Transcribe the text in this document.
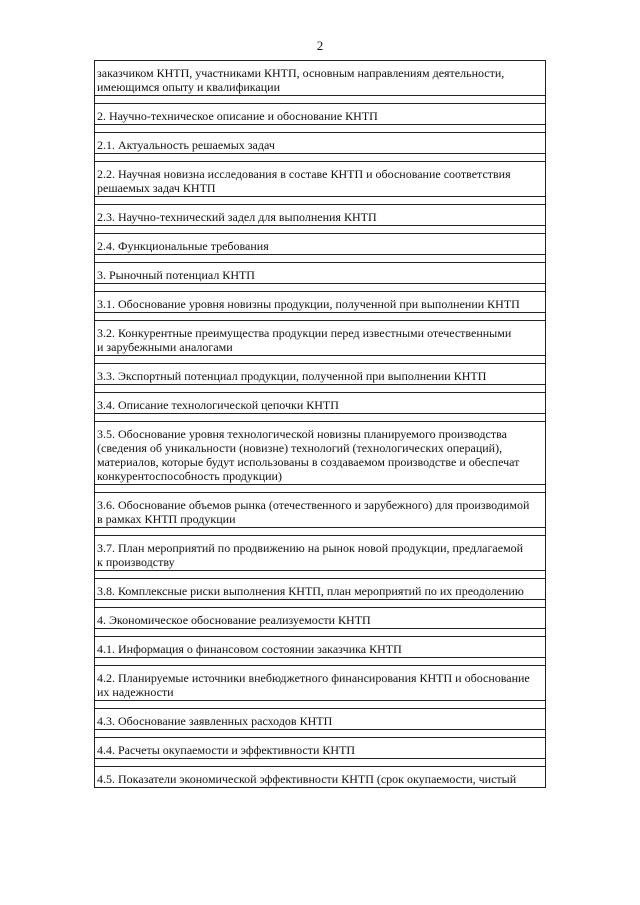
2
заказчиком КНТП, участниками КНТП, основным направлениям деятельности,
имеющимся опыту и квалификации
2. Научно-техническое описание и обоснование КНТП
2.1. Актуальность решаемых задач
2.2. Научная новизна исследования в составе КНТП и обоснование соответствия
решаемых задач КНТП
2.3. Научно-технический задел для выполнения КНТП
2.4. Функциональные требования
3. Рыночный потенциал КНТП
3.1. Обоснование уровня новизны продукции, полученной при выполнении КНТП
3.2. Конкурентные преимущества продукции перед известными отечественными
и зарубежными аналогами
3.3. Экспортный потенциал продукции, полученной при выполнении КНТП
3.4. Описание технологической цепочки КНТП
3.5. Обоснование уровня технологической новизны планируемого производства
(сведения об уникальности (новизне) технологий (технологических операций),
материалов, которые будут использованы в создаваемом производстве и обеспечат
конкурентоспособность продукции)
3.6. Обоснование объемов рынка (отечественного и зарубежного) для производимой
в рамках КНТП продукции
3.7. План мероприятий по продвижению на рынок новой продукции, предлагаемой
к производству
3.8. Комплексные риски выполнения КНТП, план мероприятий по их преодолению
4. Экономическое обоснование реализуемости КНТП
4.1. Информация о финансовом состоянии заказчика КНТП
4.2. Планируемые источники внебюджетного финансирования КНТП и обоснование
их надежности
4.3. Обоснование заявленных расходов КНТП
4.4. Расчеты окупаемости и эффективности КНТП
4.5. Показатели экономической эффективности КНТП (срок окупаемости, чистый
